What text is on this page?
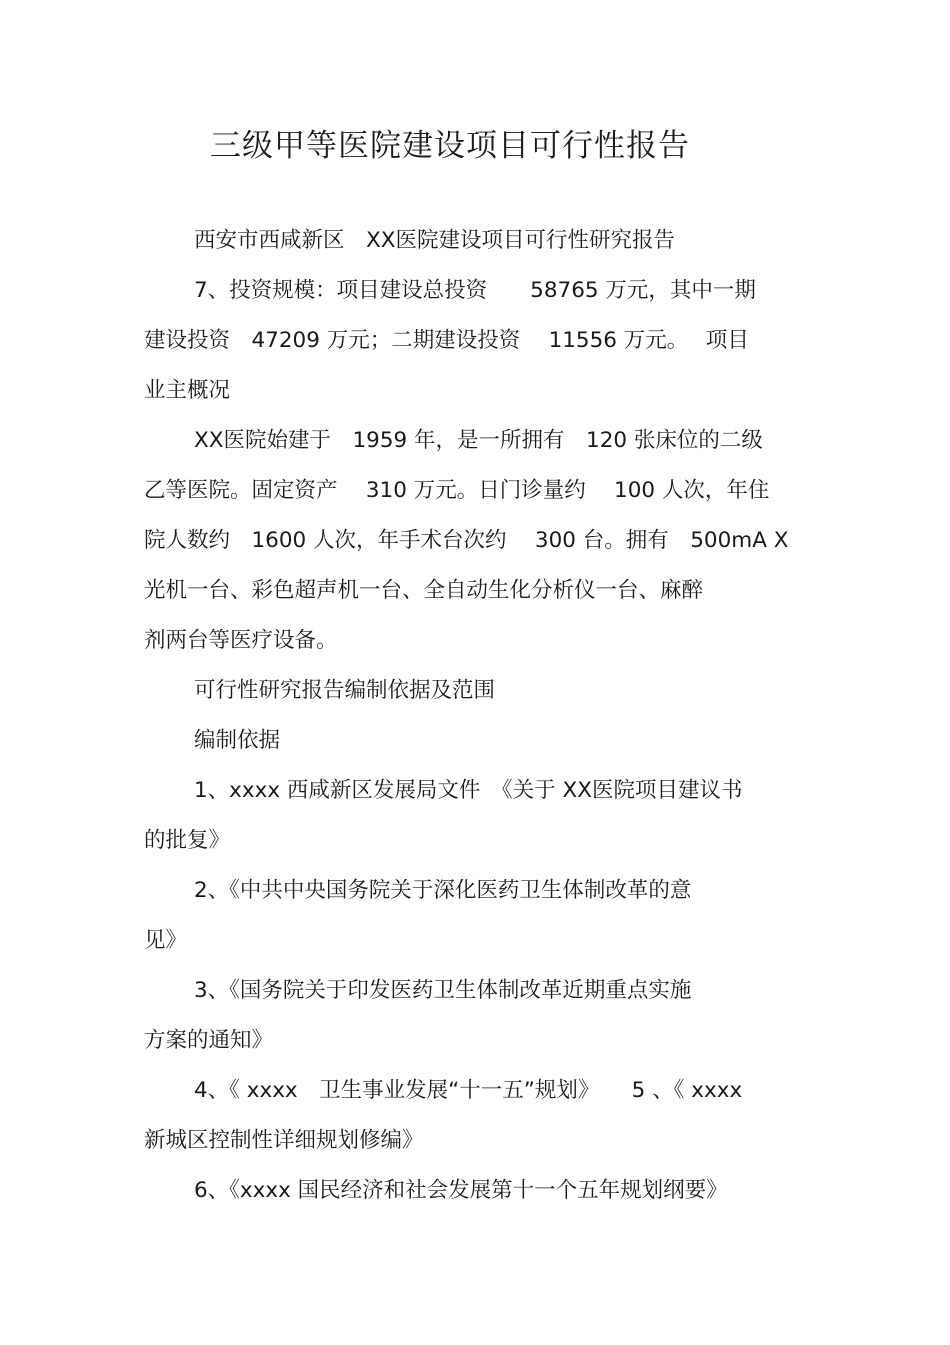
三级甲等医院建设项目可行性报告
西安市西咸新区　XX医院建设项目可行性研究报告
7、投资规模：项目建设总投资　　58765 万元，其中一期
建设投资　47209 万元；二期建设投资　 11556 万元。　 项目
业主概况
XX医院始建于　1959 年，是一所拥有　120 张床位的二级
乙等医院。固定资产　 310 万元。日门诊量约　 100 人次，年住
院人数约　1600 人次，年手术台次约　 300 台。拥有　500mA X
光机一台、彩色超声机一台、全自动生化分析仪一台、麻醉
剂两台等医疗设备。
可行性研究报告编制依据及范围
编制依据
1、xxxx 西咸新区发展局文件　《关于 XX医院项目建议书
的批复》
2、《中共中央国务院关于深化医药卫生体制改革的意
见》
3、《国务院关于印发医药卫生体制改革近期重点实施
方案的通知》
4、《 xxxx　卫生事业发展“十一五”规划》　　5 、《 xxxx
新城区控制性详细规划修编》
6、《xxxx 国民经济和社会发展第十一个五年规划纲要》
